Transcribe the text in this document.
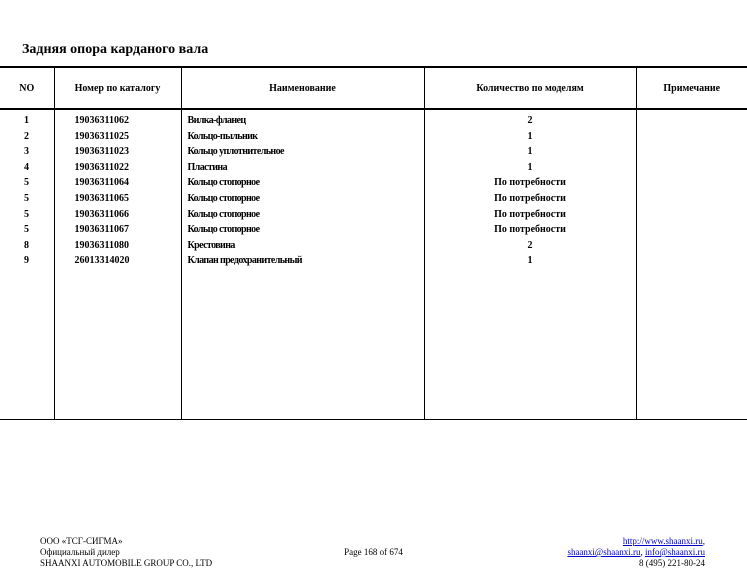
Задняя опора карданого вала
NO	Номер по каталогу	Наименование	Количество по моделям	Примечание
1	19036311062	Вилка-фланец	2	
2	19036311025	Кольцо-пыльник	1	
3	19036311023	Кольцо уплотнительное	1	
4	19036311022	Пластина	1	
5	19036311064	Кольцо стопорное	По потребности	
5	19036311065	Кольцо стопорное	По потребности	
5	19036311066	Кольцо стопорное	По потребности	
5	19036311067	Кольцо стопорное	По потребности	
8	19036311080	Крестовина	2	
9	26013314020	Клапан предохранительный	1	

ООО «ТСГ-СИГМА»
Официальный дилер
SHAANXI AUTOMOBILE GROUP CO., LTD
Page 168 of 674
http://www.shaanxi.ru,
shaanxi@shaanxi.ru, info@shaanxi.ru
8 (495) 221-80-24
